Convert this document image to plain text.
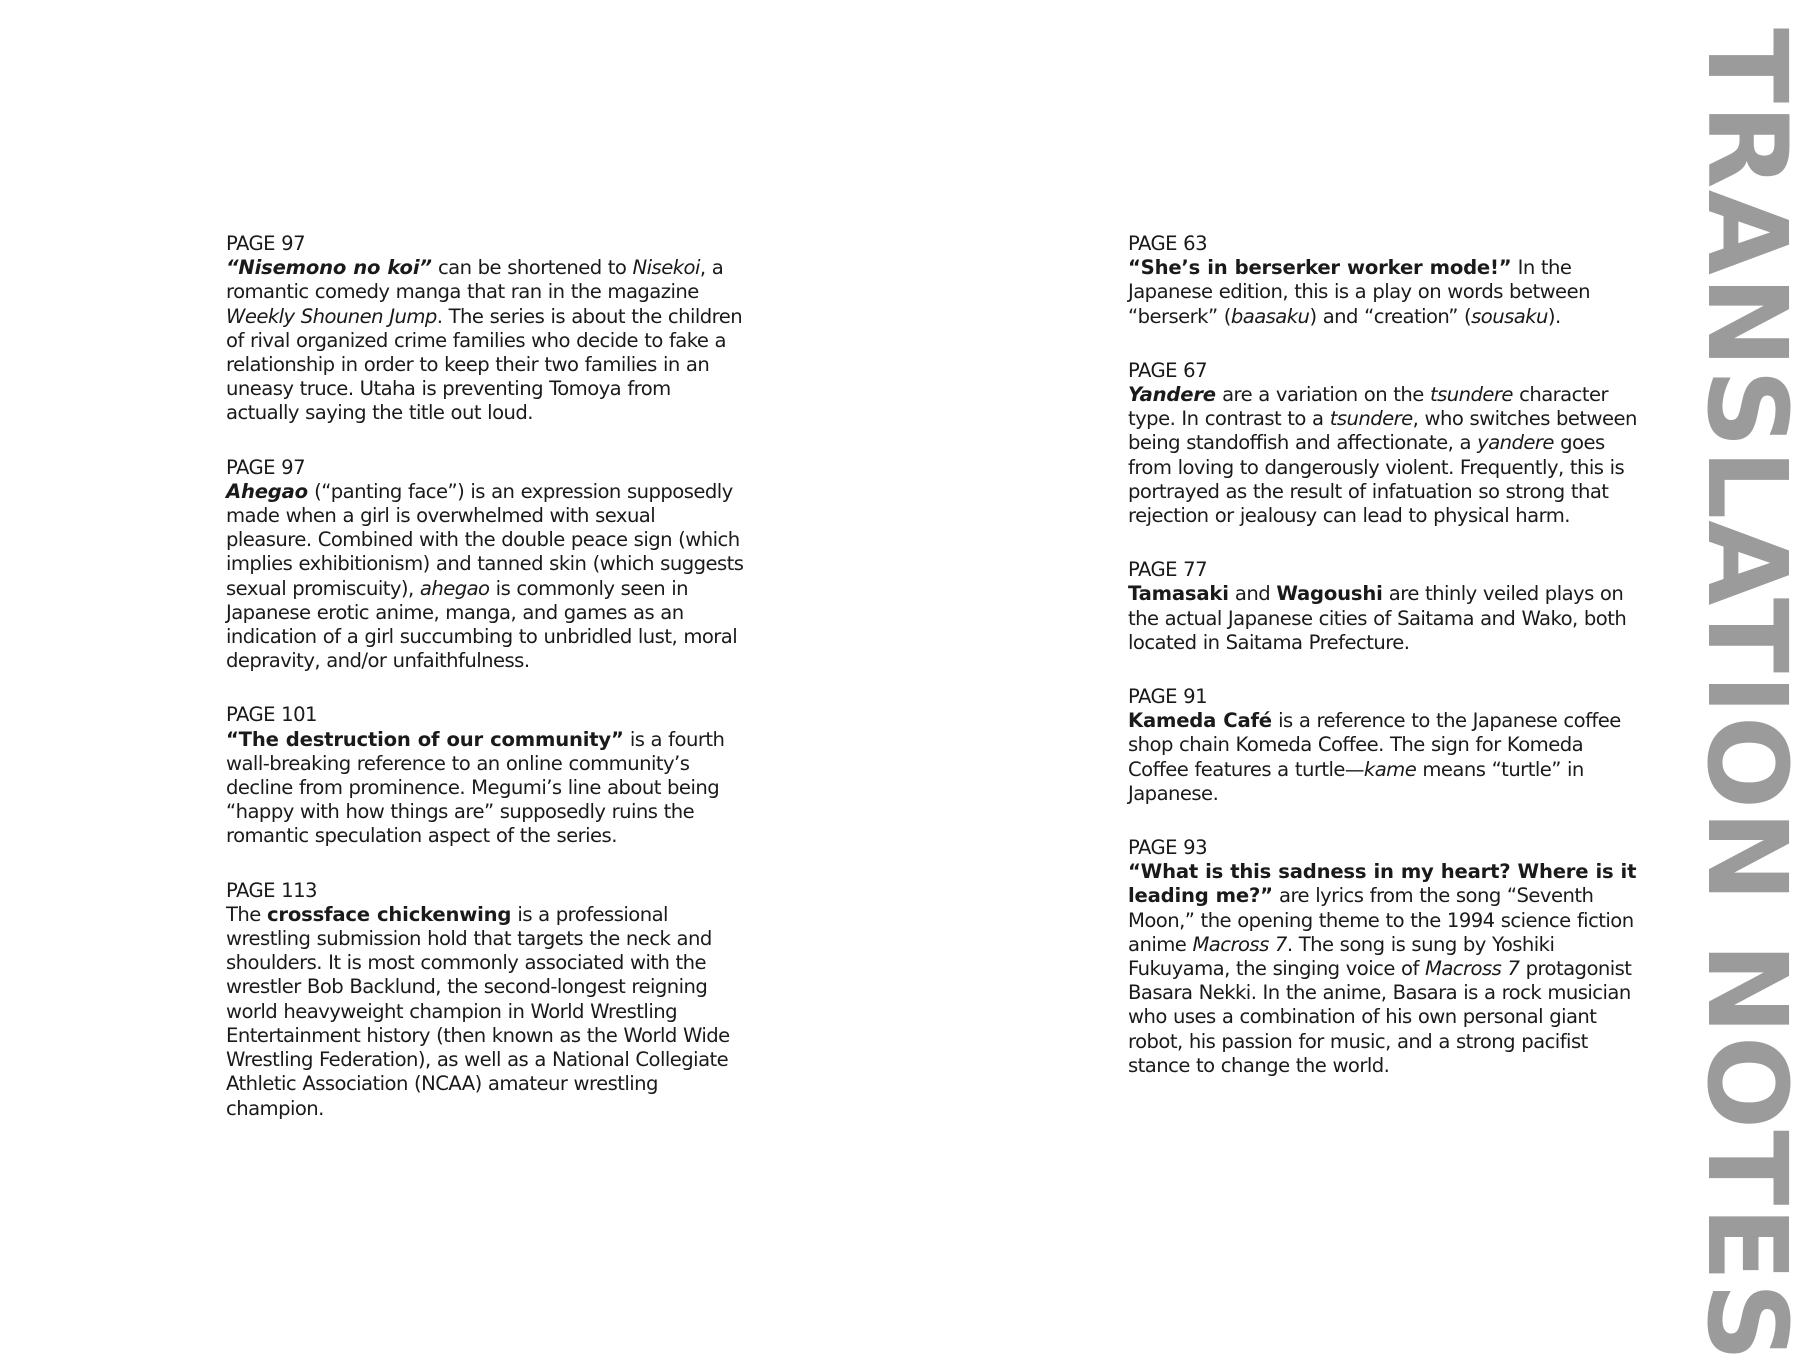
PAGE 97
“Nisemono no koi” can be shortened to Nisekoi, a romantic comedy manga that ran in the magazine Weekly Shounen Jump. The series is about the children of rival organized crime families who decide to fake a relationship in order to keep their two families in an uneasy truce. Utaha is preventing Tomoya from actually saying the title out loud.
PAGE 97
Ahegao (“panting face”) is an expression supposedly made when a girl is overwhelmed with sexual pleasure. Combined with the double peace sign (which implies exhibitionism) and tanned skin (which suggests sexual promiscuity), ahegao is commonly seen in Japanese erotic anime, manga, and games as an indication of a girl succumbing to unbridled lust, moral depravity, and/or unfaithfulness.
PAGE 101
“The destruction of our community” is a fourth wall-breaking reference to an online community’s decline from prominence. Megumi’s line about being “happy with how things are” supposedly ruins the romantic speculation aspect of the series.
PAGE 113
The crossface chickenwing is a professional wrestling submission hold that targets the neck and shoulders. It is most commonly associated with the wrestler Bob Backlund, the second-longest reigning world heavyweight champion in World Wrestling Entertainment history (then known as the World Wide Wrestling Federation), as well as a National Collegiate Athletic Association (NCAA) amateur wrestling champion.
PAGE 63
“She’s in berserker worker mode!” In the Japanese edition, this is a play on words between “berserk” (baasaku) and “creation” (sousaku).
PAGE 67
Yandere are a variation on the tsundere character type. In contrast to a tsundere, who switches between being standoffish and affectionate, a yandere goes from loving to dangerously violent. Frequently, this is portrayed as the result of infatuation so strong that rejection or jealousy can lead to physical harm.
PAGE 77
Tamasaki and Wagoushi are thinly veiled plays on the actual Japanese cities of Saitama and Wako, both located in Saitama Prefecture.
PAGE 91
Kameda Café is a reference to the Japanese coffee shop chain Komeda Coffee. The sign for Komeda Coffee features a turtle—kame means “turtle” in Japanese.
PAGE 93
“What is this sadness in my heart? Where is it leading me?” are lyrics from the song “Seventh Moon,” the opening theme to the 1994 science fiction anime Macross 7. The song is sung by Yoshiki Fukuyama, the singing voice of Macross 7 protagonist Basara Nekki. In the anime, Basara is a rock musician who uses a combination of his own personal giant robot, his passion for music, and a strong pacifist stance to change the world.	TRANSLATION NOTES
